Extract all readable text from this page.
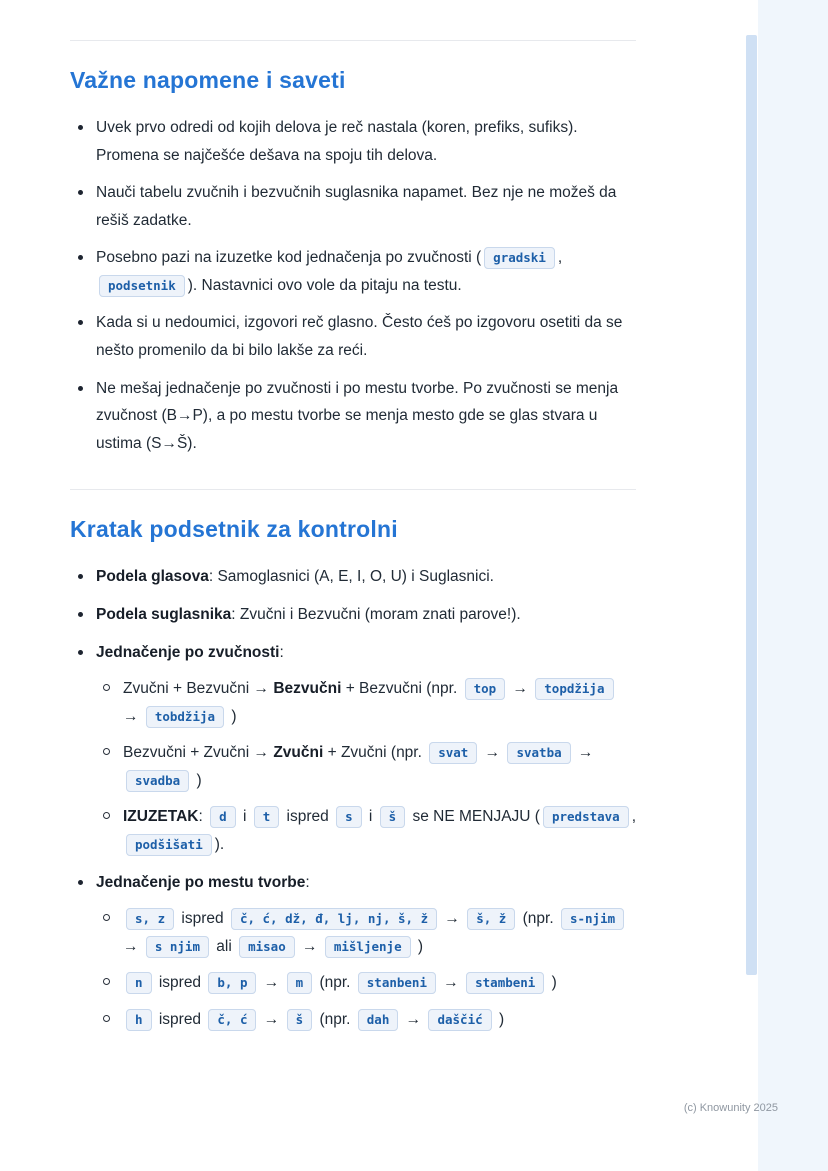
Važne napomene i saveti
Uvek prvo odredi od kojih delova je reč nastala (koren, prefiks, sufiks). Promena se najčešće dešava na spoju tih delova.
Nauči tabelu zvučnih i bezvučnih suglasnika napamet. Bez nje ne možeš da rešiš zadatke.
Posebno pazi na izuzetke kod jednačenja po zvučnosti ( gradski , podsetnik ). Nastavnici ovo vole da pitaju na testu.
Kada si u nedoumici, izgovori reč glasno. Često ćeš po izgovoru osetiti da se nešto promenilo da bi bilo lakše za reći.
Ne mešaj jednačenje po zvučnosti i po mestu tvorbe. Po zvučnosti se menja zvučnost (B→P), a po mestu tvorbe se menja mesto gde se glas stvara u ustima (S→Š).
Kratak podsetnik za kontrolni
Podela glasova: Samoglasnici (A, E, I, O, U) i Suglasnici.
Podela suglasnika: Zvučni i Bezvučni (moram znati parove!).
Jednačenje po zvučnosti:
Zvučni + Bezvučni → Bezvučni + Bezvučni (npr. top → topdžija → tobdžija )
Bezvučni + Zvučni → Zvučni + Zvučni (npr. svat → svatba → svadba )
IZUZETAK: d i t ispred s i š se NE MENJAJU ( predstava , podšišati ).
Jednačenje po mestu tvorbe:
s, z ispred č, ć, dž, đ, lj, nj, š, ž → š, ž (npr. s-njim → s njim ali misao → mišljenje )
n ispred b, p → m (npr. stanbeni → stambeni )
h ispred č, ć → š (npr. dah → daščić )
(c) Knowunity 2025
